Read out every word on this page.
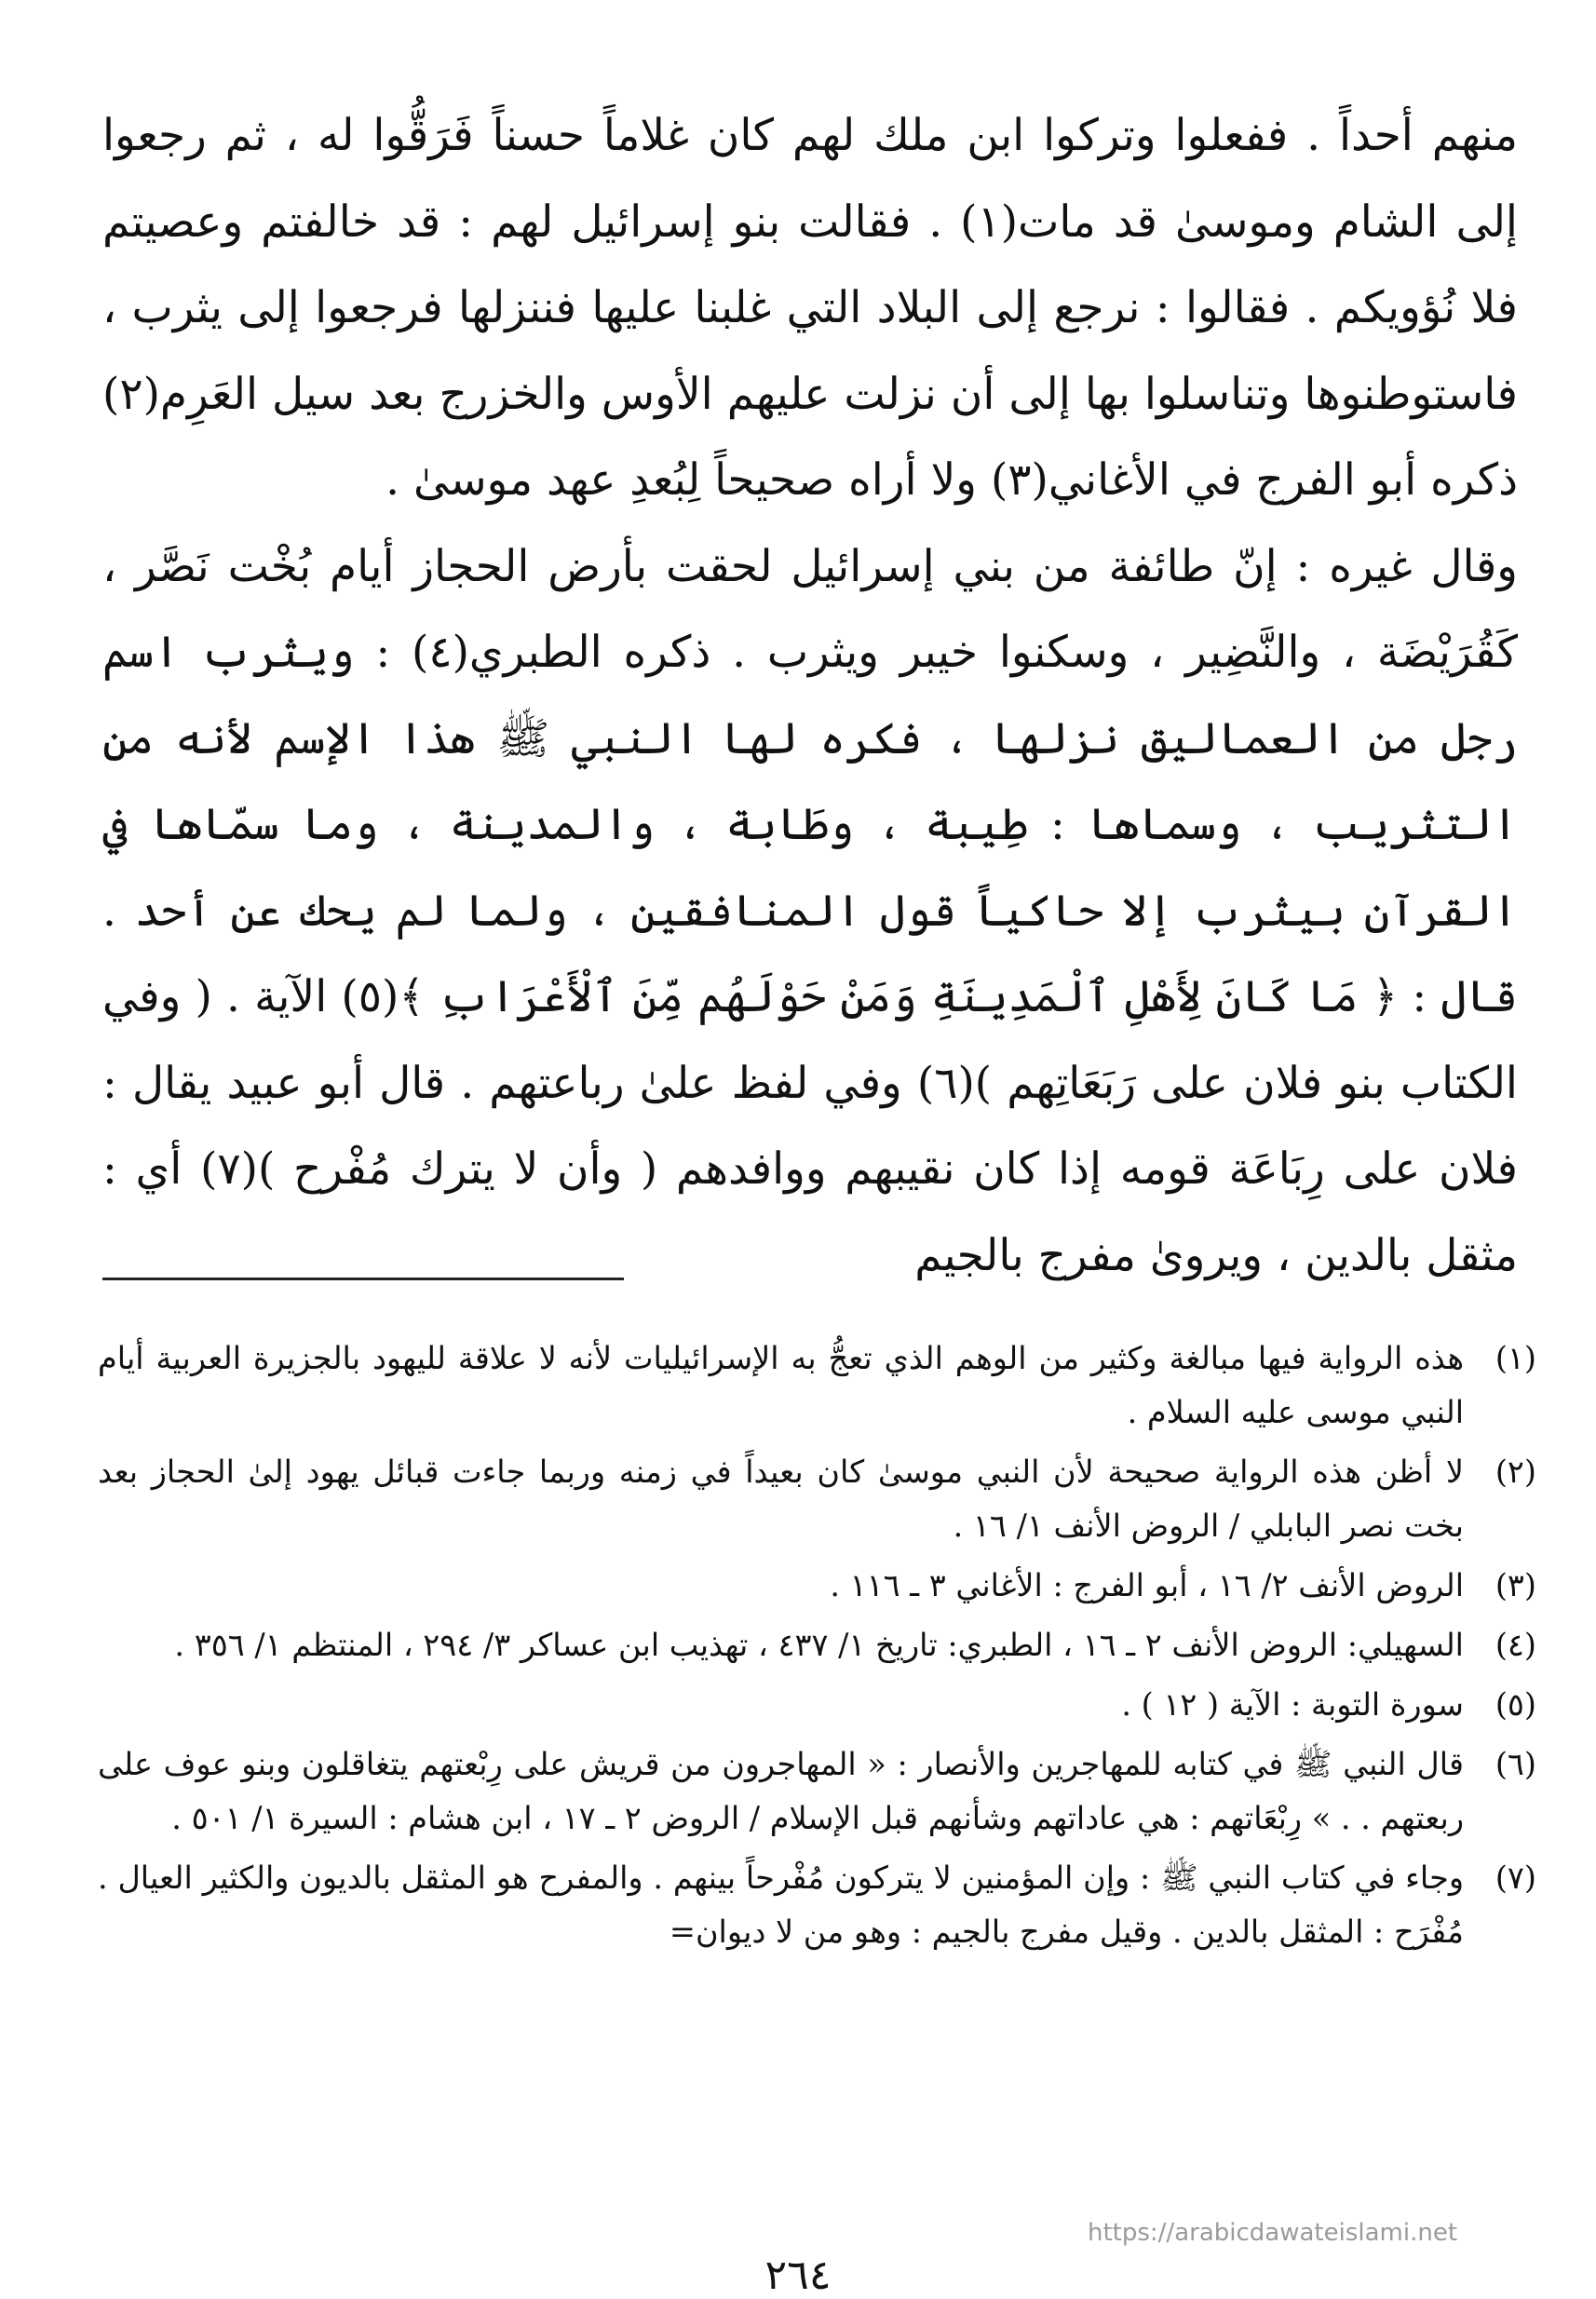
منهم أحداً . ففعلوا وتركوا ابن ملك لهم كان غلاماً حسناً فَرَقُّوا له ، ثم رجعوا إلى الشام وموسىٰ قد مات(١) . فقالت بنو إسرائيل لهم : قد خالفتم وعصيتم فلا نُؤويكم . فقالوا : نرجع إلى البلاد التي غلبنا عليها فننزلها فرجعوا إلى يثرب ، فاستوطنوها وتناسلوا بها إلى أن نزلت عليهم الأوس والخزرج بعد سيل العَرِم(٢) ذكره أبو الفرج في الأغاني(٣) ولا أراه صحيحاً لِبُعدِ عهد موسىٰ .

وقال غيره : إنّ طائفة من بني إسرائيل لحقت بأرض الحجاز أيام بُخْت نَصَّر ، كَقُرَيْضَة ، والنَّضِير ، وسكنوا خيبر ويثرب . ذكره الطبري(٤) : ويثرب اسم رجل من العماليق نزلها ، فكره لها النبي ﷺ هذا الإسم لأنه من التثريب ، وسماها : طِيبة ، وطَابة ، والمدينة ، وما سمّاها في القرآن بيثرب إلا حاكياً قول المنافقين ، ولما لم يحك عن أحد . قال : ﴿ مَا كَانَ لِأَهْلِ ٱلْمَدِينَةِ وَمَنْ حَوْلَهُم مِّنَ ٱلْأَعْرَابِ ﴾(٥) الآية . ( وفي الكتاب بنو فلان على رَبَعَاتِهم )(٦) وفي لفظ علىٰ رباعتهم . قال أبو عبيد يقال : فلان على رِبَاعَة قومه إذا كان نقيبهم ووافدهم ( وأن لا يترك مُفْرح )(٧) أي : مثقل بالدين ، ويروىٰ مفرج بالجيم

(١)
هذه الرواية فيها مبالغة وكثير من الوهم الذي تعجُّ به الإسرائيليات لأنه لا علاقة لليهود بالجزيرة العربية أيام النبي موسى عليه السلام .
(٢)
لا أظن هذه الرواية صحيحة لأن النبي موسىٰ كان بعيداً في زمنه وربما جاءت قبائل يهود إلىٰ الحجاز بعد بخت نصر البابلي / الروض الأنف ١/ ١٦ .
(٣)
الروض الأنف ٢/ ١٦ ، أبو الفرج : الأغاني ٣ ـ ١١٦ .
(٤)
السهيلي: الروض الأنف ٢ ـ ١٦ ، الطبري: تاريخ ١/ ٤٣٧ ، تهذيب ابن عساكر ٣/ ٢٩٤ ، المنتظم ١/ ٣٥٦ .
(٥)
سورة التوبة : الآية ( ١٢ ) .
(٦)
قال النبي ﷺ في كتابه للمهاجرين والأنصار : « المهاجرون من قريش على رِبْعتهم يتغاقلون وبنو عوف على ربعتهم . . » رِبْعَاتهم : هي عاداتهم وشأنهم قبل الإسلام / الروض ٢ ـ ١٧ ، ابن هشام : السيرة ١/ ٥٠١ .
(٧)
وجاء في كتاب النبي ﷺ : وإن المؤمنين لا يتركون مُفْرحاً بينهم . والمفرح هو المثقل بالديون والكثير العيال . مُفْرَح : المثقل بالدين . وقيل مفرج بالجيم : وهو من لا ديوان=
https://arabicdawateislami.net
٢٦٤
